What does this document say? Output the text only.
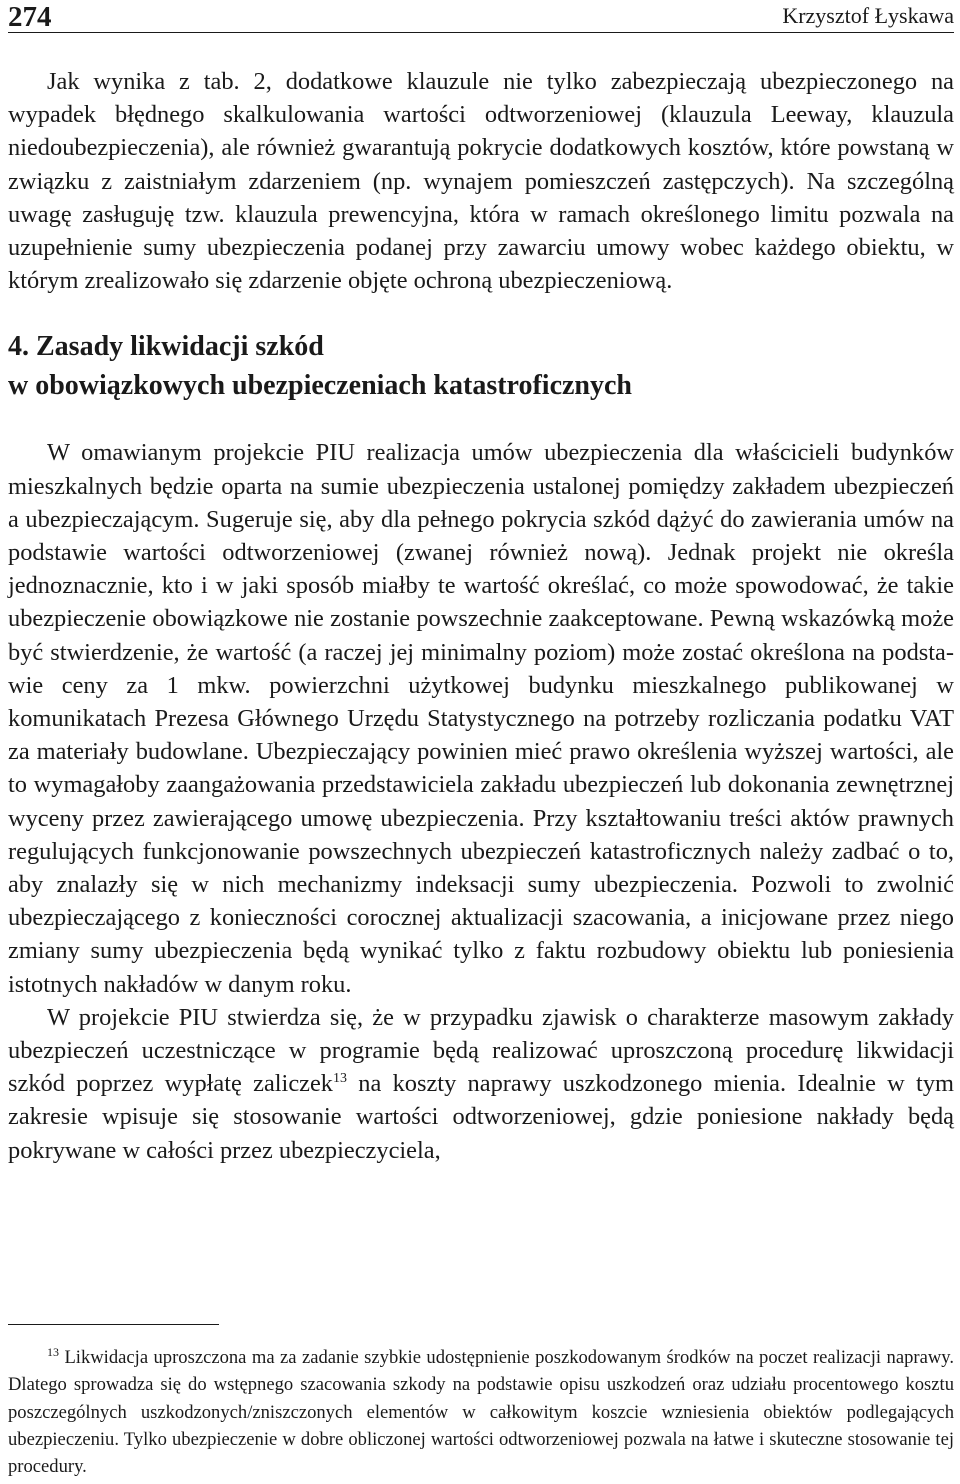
274	Krzysztof Łyskawa

Jak wynika z tab. 2, dodatkowe klauzule nie tylko zabezpieczają ubezpieczonego na wypadek błędnego skalkulowania wartości odtworzeniowej (klauzula Leeway, klauzula niedoubezpieczenia), ale również gwarantują pokrycie dodatkowych kosztów, które powstaną w związku z zaistniałym zdarzeniem (np. wynajem pomieszczeń zastępczych). Na szczególną uwagę zasługuję tzw. klauzula prewencyjna, która w ramach określonego limitu pozwala na uzupełnienie sumy ubezpieczenia podanej przy zawarciu umowy wobec każdego obiektu, w którym zrealizowało się zdarzenie objęte ochroną ubezpieczeniową.

4. Zasady likwidacji szkód
w obowiązkowych ubezpieczeniach katastroficznych

W omawianym projekcie PIU realizacja umów ubezpieczenia dla właścicieli budynków mieszkalnych będzie oparta na sumie ubezpieczenia ustalonej pomiędzy zakładem ubezpieczeń a ubezpieczającym. Sugeruje się, aby dla pełnego pokrycia szkód dążyć do zawierania umów na podstawie wartości odtworzeniowej (zwanej również nową). Jednak projekt nie określa jednoznacznie, kto i w jaki sposób miałby te wartość określać, co może spowodować, że takie ubezpieczenie obowiązkowe nie zostanie powszechnie zaakceptowane. Pewną wskazówką może być stwierdzenie, że wartość (a raczej jej minimalny poziom) może zostać określona na podstawie ceny za 1 mkw. powierzchni użytkowej budynku mieszkalnego publikowanej w komunikatach Prezesa Głównego Urzędu Statystycznego na potrzeby rozliczania podatku VAT za materiały budowlane. Ubezpieczający powinien mieć prawo określenia wyższej wartości, ale to wymagałoby zaangażowania przedstawiciela zakładu ubezpieczeń lub dokonania zewnętrznej wyceny przez zawierającego umowę ubezpieczenia. Przy kształtowaniu treści aktów prawnych regulujących funkcjonowanie powszechnych ubezpieczeń katastroficznych należy zadbać o to, aby znalazły się w nich mechanizmy indeksacji sumy ubezpieczenia. Pozwoli to zwolnić ubezpieczającego z konieczności corocznej aktualizacji szacowania, a inicjowane przez niego zmiany sumy ubezpieczenia będą wynikać tylko z faktu rozbudowy obiektu lub poniesienia istotnych nakładów w danym roku.

W projekcie PIU stwierdza się, że w przypadku zjawisk o charakterze masowym zakłady ubezpieczeń uczestniczące w programie będą realizować uproszczoną procedurę likwidacji szkód poprzez wypłatę zaliczek$^{13}$ na koszty naprawy uszkodzonego mienia. Idealnie w tym zakresie wpisuje się stosowanie wartości odtworzeniowej, gdzie poniesione nakłady będą pokrywane w całości przez ubezpieczyciela,

$^{13}$ Likwidacja uproszczona ma za zadanie szybkie udostępnienie poszkodowanym środków na poczet realizacji naprawy. Dlatego sprowadza się do wstępnego szacowania szkody na podstawie opisu uszkodzeń oraz udziału procentowego kosztu poszczególnych uszkodzonych/zniszczonych elementów w całkowitym koszcie wzniesienia obiektów podlegających ubezpieczeniu. Tylko ubezpieczenie w dobre obliczonej wartości odtworzeniowej pozwala na łatwe i skuteczne stosowanie tej procedury.
